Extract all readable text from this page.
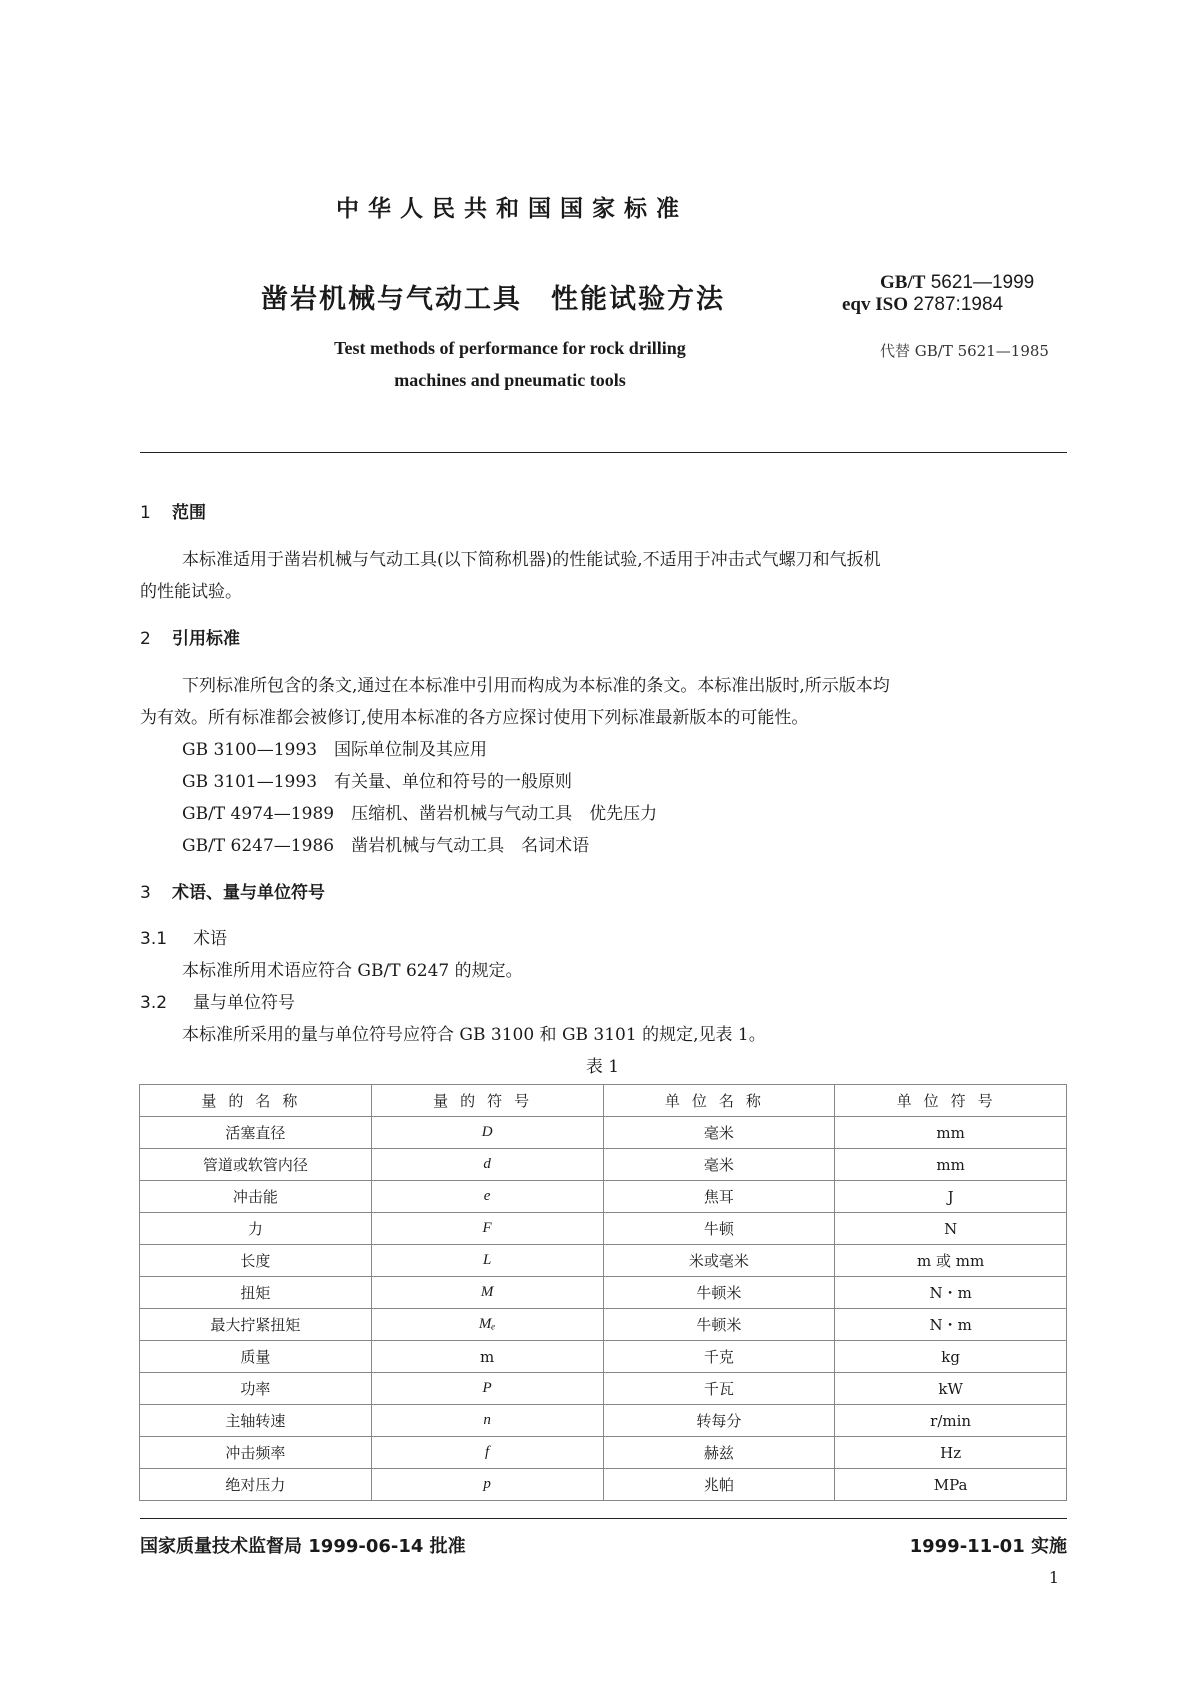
中华人民共和国国家标准
凿岩机械与气动工具　性能试验方法
Test methods of performance for rock drilling
machines and pneumatic tools
GB/T 5621—1999
eqv ISO 2787:1984
代替 GB/T 5621—1985
1 范围
本标准适用于凿岩机械与气动工具(以下简称机器)的性能试验,不适用于冲击式气螺刀和气扳机
的性能试验。
2 引用标准
下列标准所包含的条文,通过在本标准中引用而构成为本标准的条文。本标准出版时,所示版本均
为有效。所有标准都会被修订,使用本标准的各方应探讨使用下列标准最新版本的可能性。
GB 3100—1993　国际单位制及其应用
GB 3101—1993　有关量、单位和符号的一般原则
GB/T 4974—1989　压缩机、凿岩机械与气动工具　优先压力
GB/T 6247—1986　凿岩机械与气动工具　名词术语
3 术语、量与单位符号
3.1 术语
本标准所用术语应符合 GB/T 6247 的规定。
3.2 量与单位符号
本标准所采用的量与单位符号应符合 GB 3100 和 GB 3101 的规定,见表 1。
表 1
量的名称	量的符号	单位名称	单位符号
活塞直径	D	毫米	mm
管道或软管内径	d	毫米	mm
冲击能	e	焦耳	J
力	F	牛顿	N
长度	L	米或毫米	m 或 mm
扭矩	M	牛顿米	N・m
最大拧紧扭矩	Mₑ	牛顿米	N・m
质量	m	千克	kg
功率	P	千瓦	kW
主轴转速	n	转每分	r/min
冲击频率	f	赫兹	Hz
绝对压力	p	兆帕	MPa
国家质量技术监督局 1999-06-14 批准	1999-11-01 实施
1
